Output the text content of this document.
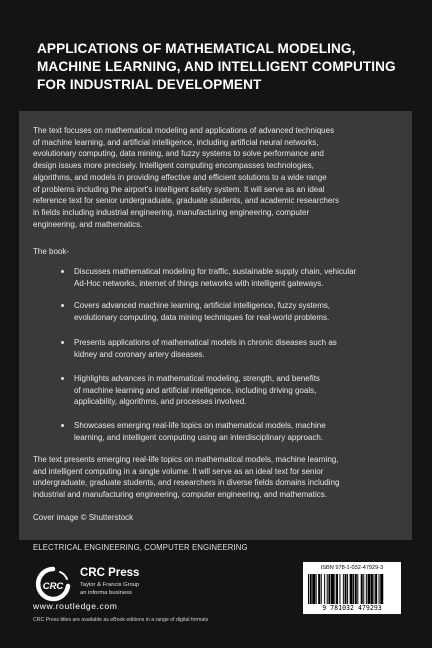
APPLICATIONS OF MATHEMATICAL MODELING,
MACHINE LEARNING, AND INTELLIGENT COMPUTING
FOR INDUSTRIAL DEVELOPMENT
The text focuses on mathematical modeling and applications of advanced techniques
of machine learning, and artificial intelligence, including artificial neural networks,
evolutionary computing, data mining, and fuzzy systems to solve performance and
design issues more precisely. Intelligent computing encompasses technologies,
algorithms, and models in providing effective and efficient solutions to a wide range
of problems including the airport's intelligent safety system. It will serve as an ideal
reference text for senior undergraduate, graduate students, and academic researchers
in fields including industrial engineering, manufacturing engineering, computer
engineering, and mathematics.
The book-
Discusses mathematical modeling for traffic, sustainable supply chain, vehicular
Ad-Hoc networks, internet of things networks with intelligent gateways.
Covers advanced machine learning, artificial intelligence, fuzzy systems,
evolutionary computing, data mining techniques for real-world problems.
Presents applications of mathematical models in chronic diseases such as
kidney and coronary artery diseases.
Highlights advances in mathematical modeling, strength, and benefits
of machine learning and artificial intelligence, including driving goals,
applicability, algorithms, and processes involved.
Showcases emerging real-life topics on mathematical models, machine
learning, and intelligent computing using an interdisciplinary approach.
The text presents emerging real-life topics on mathematical models, machine learning,
and intelligent computing in a single volume. It will serve as an ideal text for senior
undergraduate, graduate students, and researchers in diverse fields domains including
industrial and manufacturing engineering, computer engineering, and mathematics.
Cover image © Shutterstock
ELECTRICAL ENGINEERING, COMPUTER ENGINEERING
CRC
CRC Press
Taylor & Francis Group
an informa business
www.routledge.com
CRC Press titles are available as eBook editions in a range of digital formats
ISBN 978-1-032-47929-3
9 781032 479293
